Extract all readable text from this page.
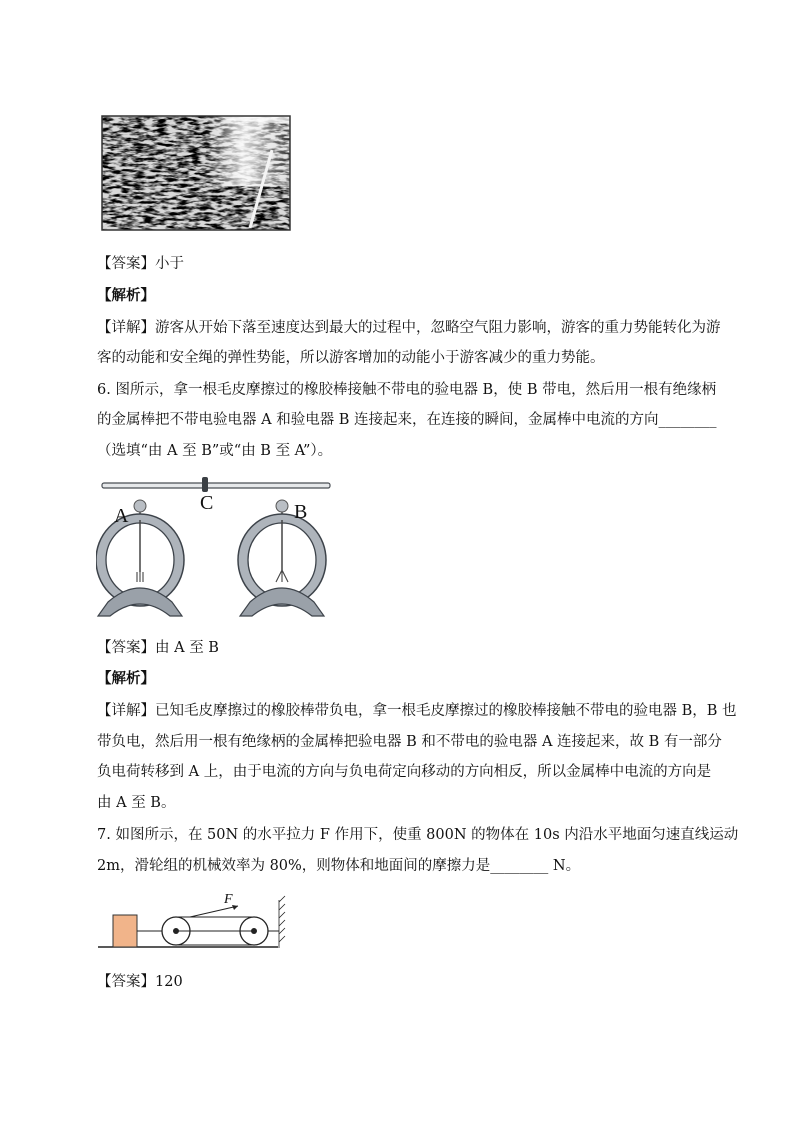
【答案】小于
【解析】
【详解】游客从开始下落至速度达到最大的过程中，忽略空气阻力影响，游客的重力势能转化为游
客的动能和安全绳的弹性势能，所以游客增加的动能小于游客减少的重力势能。
6. 图所示，拿一根毛皮摩擦过的橡胶棒接触不带电的验电器 B，使 B 带电，然后用一根有绝缘柄
的金属棒把不带电验电器 A 和验电器 B 连接起来，在连接的瞬间，金属棒中电流的方向________
（选填“由 A 至 B”或“由 B 至 A”）。
A
C	B
【答案】由 A 至 B
【解析】
【详解】已知毛皮摩擦过的橡胶棒带负电，拿一根毛皮摩擦过的橡胶棒接触不带电的验电器 B，B 也
带负电，然后用一根有绝缘柄的金属棒把验电器 B 和不带电的验电器 A 连接起来，故 B 有一部分
负电荷转移到 A 上，由于电流的方向与负电荷定向移动的方向相反，所以金属棒中电流的方向是
由 A 至 B。
7. 如图所示，在 50N 的水平拉力 F 作用下，使重 800N 的物体在 10s 内沿水平地面匀速直线运动
2m，滑轮组的机械效率为 80%，则物体和地面间的摩擦力是________ N。
F
【答案】120
